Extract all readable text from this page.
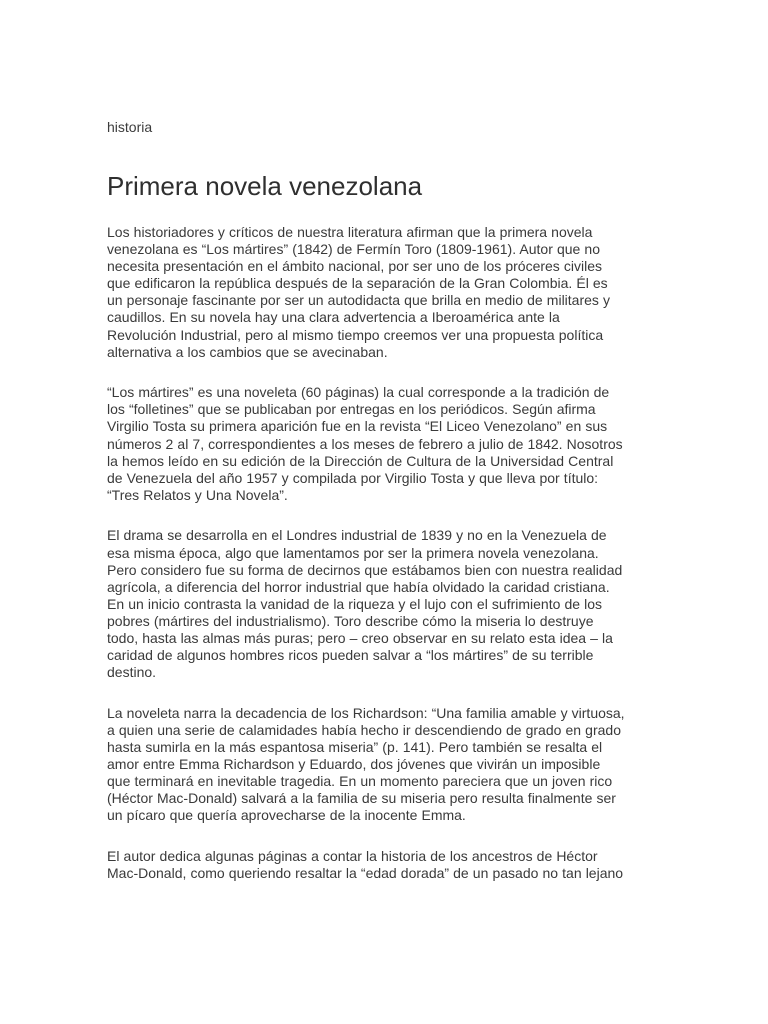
historia

Primera novela venezolana

Los historiadores y críticos de nuestra literatura afirman que la primera novela
venezolana es “Los mártires” (1842) de Fermín Toro (1809-1961). Autor que no
necesita presentación en el ámbito nacional, por ser uno de los próceres civiles
que edificaron la república después de la separación de la Gran Colombia. Él es
un personaje fascinante por ser un autodidacta que brilla en medio de militares y
caudillos. En su novela hay una clara advertencia a Iberoamérica ante la
Revolución Industrial, pero al mismo tiempo creemos ver una propuesta política
alternativa a los cambios que se avecinaban.

“Los mártires” es una noveleta (60 páginas) la cual corresponde a la tradición de
los “folletines” que se publicaban por entregas en los periódicos. Según afirma
Virgilio Tosta su primera aparición fue en la revista “El Liceo Venezolano” en sus
números 2 al 7, correspondientes a los meses de febrero a julio de 1842. Nosotros
la hemos leído en su edición de la Dirección de Cultura de la Universidad Central
de Venezuela del año 1957 y compilada por Virgilio Tosta y que lleva por título:
“Tres Relatos y Una Novela”.

El drama se desarrolla en el Londres industrial de 1839 y no en la Venezuela de
esa misma época, algo que lamentamos por ser la primera novela venezolana.
Pero considero fue su forma de decirnos que estábamos bien con nuestra realidad
agrícola, a diferencia del horror industrial que había olvidado la caridad cristiana.
En un inicio contrasta la vanidad de la riqueza y el lujo con el sufrimiento de los
pobres (mártires del industrialismo). Toro describe cómo la miseria lo destruye
todo, hasta las almas más puras; pero – creo observar en su relato esta idea – la
caridad de algunos hombres ricos pueden salvar a “los mártires” de su terrible
destino.

La noveleta narra la decadencia de los Richardson: “Una familia amable y virtuosa,
a quien una serie de calamidades había hecho ir descendiendo de grado en grado
hasta sumirla en la más espantosa miseria” (p. 141). Pero también se resalta el
amor entre Emma Richardson y Eduardo, dos jóvenes que vivirán un imposible
que terminará en inevitable tragedia. En un momento pareciera que un joven rico
(Héctor Mac-Donald) salvará a la familia de su miseria pero resulta finalmente ser
un pícaro que quería aprovecharse de la inocente Emma.

El autor dedica algunas páginas a contar la historia de los ancestros de Héctor
Mac-Donald, como queriendo resaltar la “edad dorada” de un pasado no tan lejano
